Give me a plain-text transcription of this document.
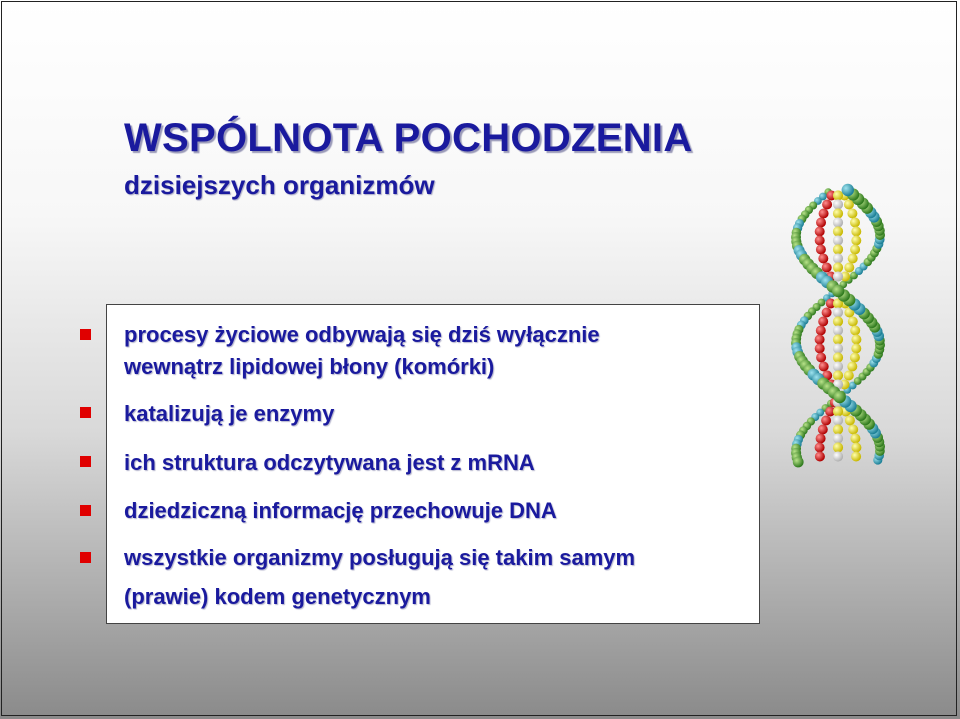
WSPÓLNOTA POCHODZENIA
dzisiejszych organizmów
procesy życiowe odbywają się dziś wyłącznie
wewnątrz lipidowej błony (komórki)
katalizują je enzymy
ich struktura odczytywana jest z mRNA
dziedziczną informację przechowuje DNA
wszystkie organizmy posługują się takim samym
(prawie) kodem genetycznym
